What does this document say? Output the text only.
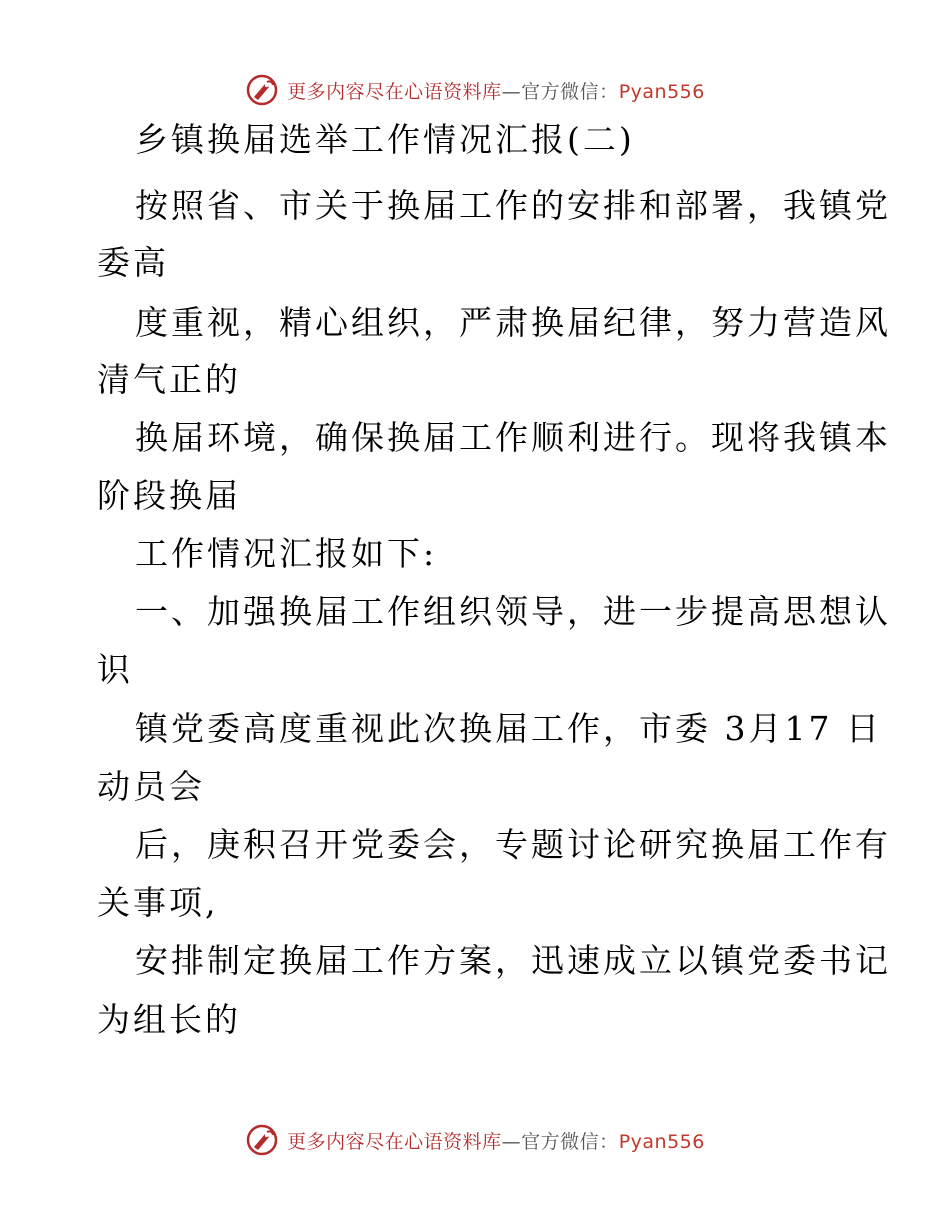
更多内容尽在心语资料库—官方微信：Pyan556
乡镇换届选举工作情况汇报(二)
按照省、市关于换届工作的安排和部署，我镇党
委高
度重视，精心组织，严肃换届纪律，努力营造风
清气正的
换届环境，确保换届工作顺利进行。现将我镇本
阶段换届
工作情况汇报如下:
一、加强换届工作组织领导，进一步提高思想认
识
镇党委高度重视此次换届工作，市委 3月17 日
动员会
后，庚积召开党委会，专题讨论研究换届工作有
关事项,
安排制定换届工作方案，迅速成立以镇党委书记
为组长的
更多内容尽在心语资料库—官方微信：Pyan556
